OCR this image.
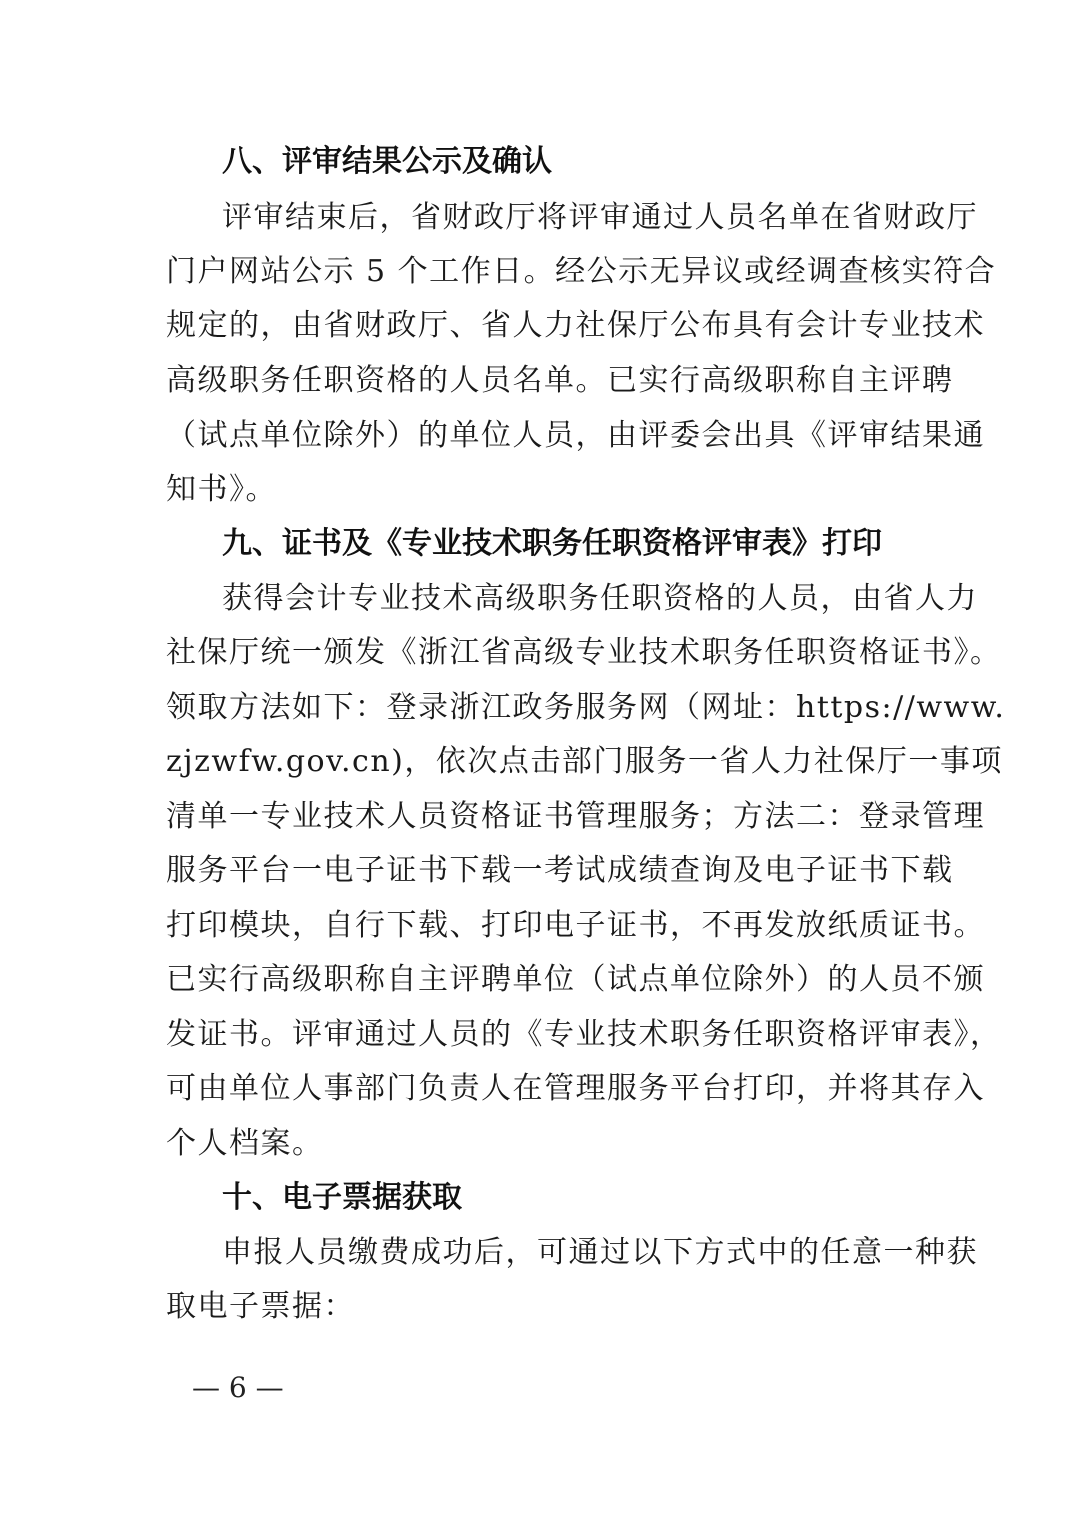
八、评审结果公示及确认
评审结束后，省财政厅将评审通过人员名单在省财政厅
门户网站公示 5 个工作日。经公示无异议或经调查核实符合
规定的，由省财政厅、省人力社保厅公布具有会计专业技术
高级职务任职资格的人员名单。已实行高级职称自主评聘
（试点单位除外）的单位人员，由评委会出具《评审结果通
知书》。
九、证书及《专业技术职务任职资格评审表》打印
获得会计专业技术高级职务任职资格的人员，由省人力
社保厅统一颁发《浙江省高级专业技术职务任职资格证书》。
领取方法如下：登录浙江政务服务网（网址：https://www.
zjzwfw.gov.cn)，依次点击部门服务一省人力社保厅一事项
清单一专业技术人员资格证书管理服务；方法二：登录管理
服务平台一电子证书下载一考试成绩查询及电子证书下载
打印模块，自行下载、打印电子证书，不再发放纸质证书。
已实行高级职称自主评聘单位（试点单位除外）的人员不颁
发证书。评审通过人员的《专业技术职务任职资格评审表》，
可由单位人事部门负责人在管理服务平台打印，并将其存入
个人档案。
十、电子票据获取
申报人员缴费成功后，可通过以下方式中的任意一种获
取电子票据：
— 6 —
